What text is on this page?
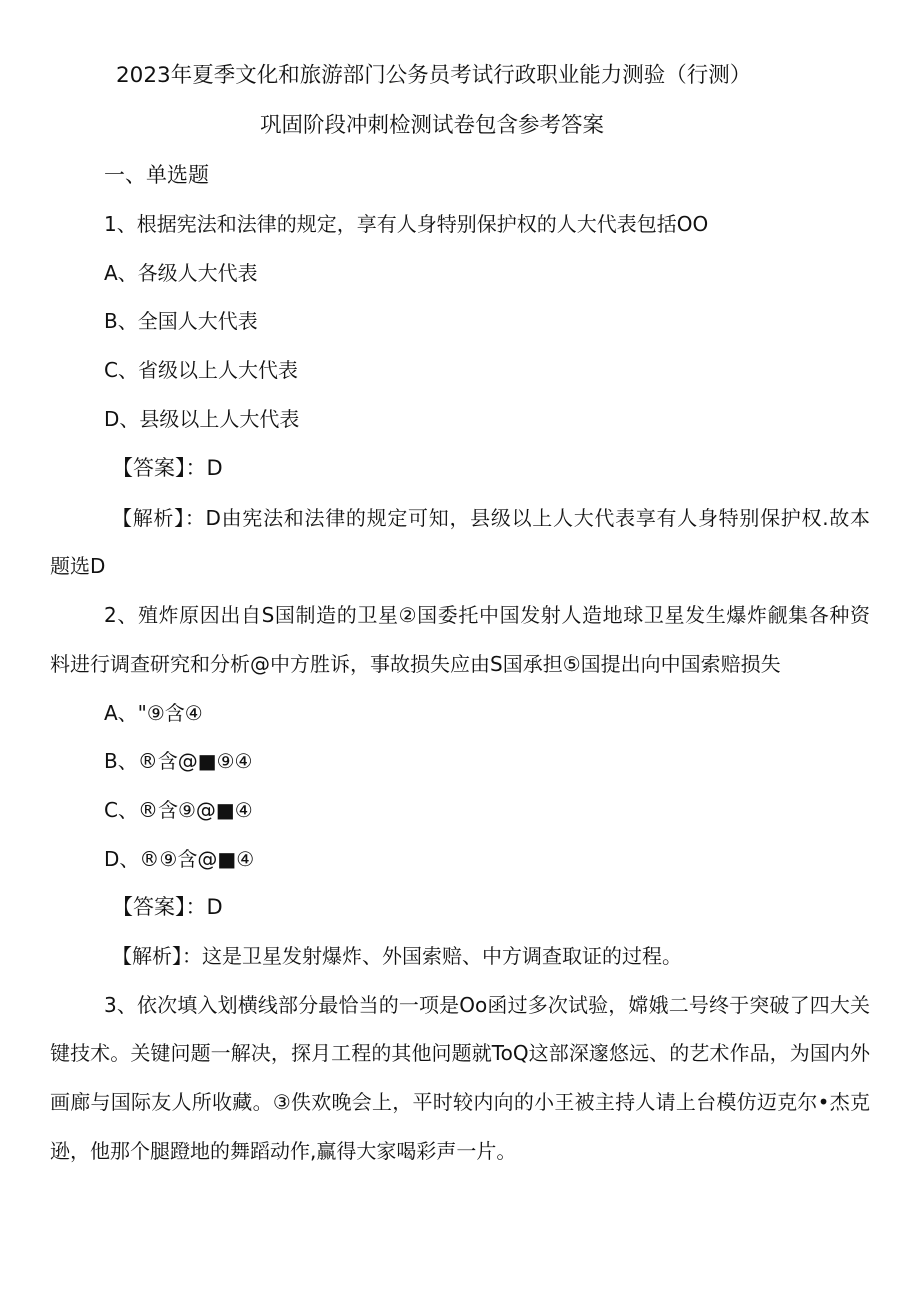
2023年夏季文化和旅游部门公务员考试行政职业能力测验（行测）
巩固阶段冲刺检测试卷包含参考答案
一、单选题
1、根据宪法和法律的规定，享有人身特别保护权的人大代表包括OO
A、各级人大代表
B、全国人大代表
C、省级以上人大代表
D、县级以上人大代表
【答案】：D
【解析】：D由宪法和法律的规定可知，县级以上人大代表享有人身特别保护权.故本
题选D
2、殖炸原因出自S国制造的卫星②国委托中国发射人造地球卫星发生爆炸觎集各种资
料进行调查研究和分析@中方胜诉，事故损失应由S国承担⑤国提出向中国索赔损失
A、"⑨含④
B、®含@■⑨④
C、®含⑨@■④
D、®⑨含@■④
【答案】：D
【解析】：这是卫星发射爆炸、外国索赔、中方调查取证的过程。
3、依次填入划横线部分最恰当的一项是Oo函过多次试验，嫦娥二号终于突破了四大关
键技术。关键问题一解决，探月工程的其他问题就ToQ这部深邃悠远、的艺术作品，为国内外
画廊与国际友人所收藏。③佚欢晚会上，平时较内向的小王被主持人请上台模仿迈克尔•杰克
逊，他那个腿蹬地的舞蹈动作,赢得大家喝彩声一片。
